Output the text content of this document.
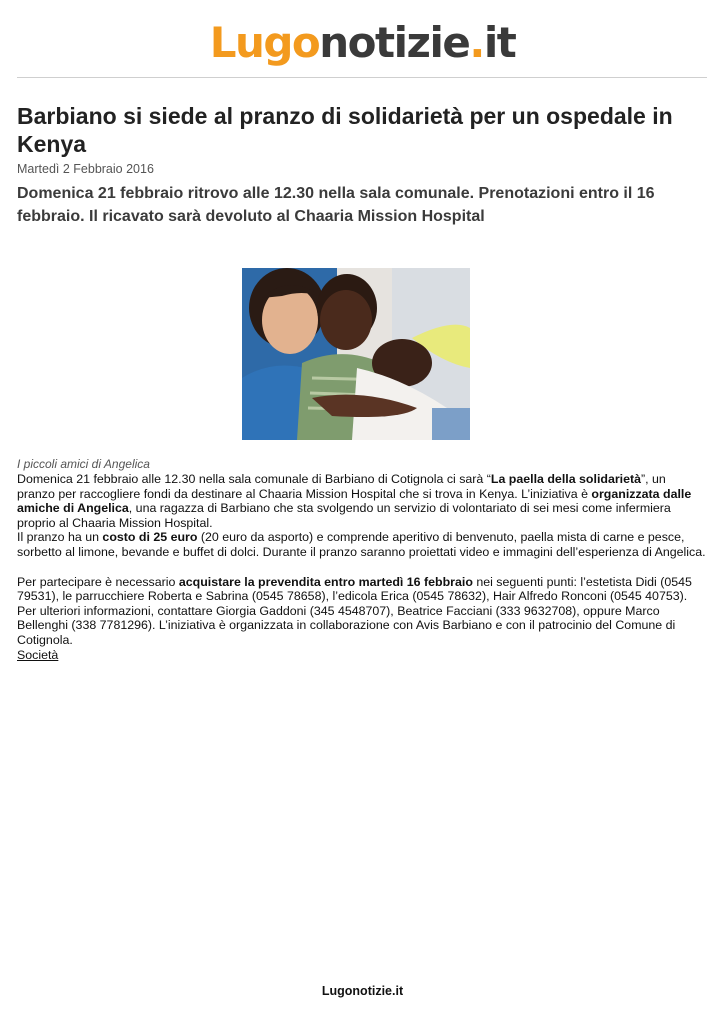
Lugonotizie.it
Barbiano si siede al pranzo di solidarietà per un ospedale in Kenya
Martedì 2 Febbraio 2016

Domenica 21 febbraio ritrovo alle 12.30 nella sala comunale. Prenotazioni entro il 16 febbraio. Il ricavato sarà devoluto al Chaaria Mission Hospital

I piccoli amici di Angelica

Domenica 21 febbraio alle 12.30 nella sala comunale di Barbiano di Cotignola ci sarà “La paella della solidarietà”, un pranzo per raccogliere fondi da destinare al Chaaria Mission Hospital che si trova in Kenya. L’iniziativa è organizzata dalle amiche di Angelica, una ragazza di Barbiano che sta svolgendo un servizio di volontariato di sei mesi come infermiera proprio al Chaaria Mission Hospital.

Il pranzo ha un costo di 25 euro (20 euro da asporto) e comprende aperitivo di benvenuto, paella mista di carne e pesce, sorbetto al limone, bevande e buffet di dolci. Durante il pranzo saranno proiettati video e immagini dell’esperienza di Angelica.

Per partecipare è necessario acquistare la prevendita entro martedì 16 febbraio nei seguenti punti: l’estetista Didi (0545 79531), le parrucchiere Roberta e Sabrina (0545 78658), l’edicola Erica (0545 78632), Hair Alfredo Ronconi (0545 40753). Per ulteriori informazioni, contattare Giorgia Gaddoni (345 4548707), Beatrice Facciani (333 9632708), oppure Marco Bellenghi (338 7781296). L’iniziativa è organizzata in collaborazione con Avis Barbiano e con il patrocinio del Comune di Cotignola.

Società
Lugonotizie.it
